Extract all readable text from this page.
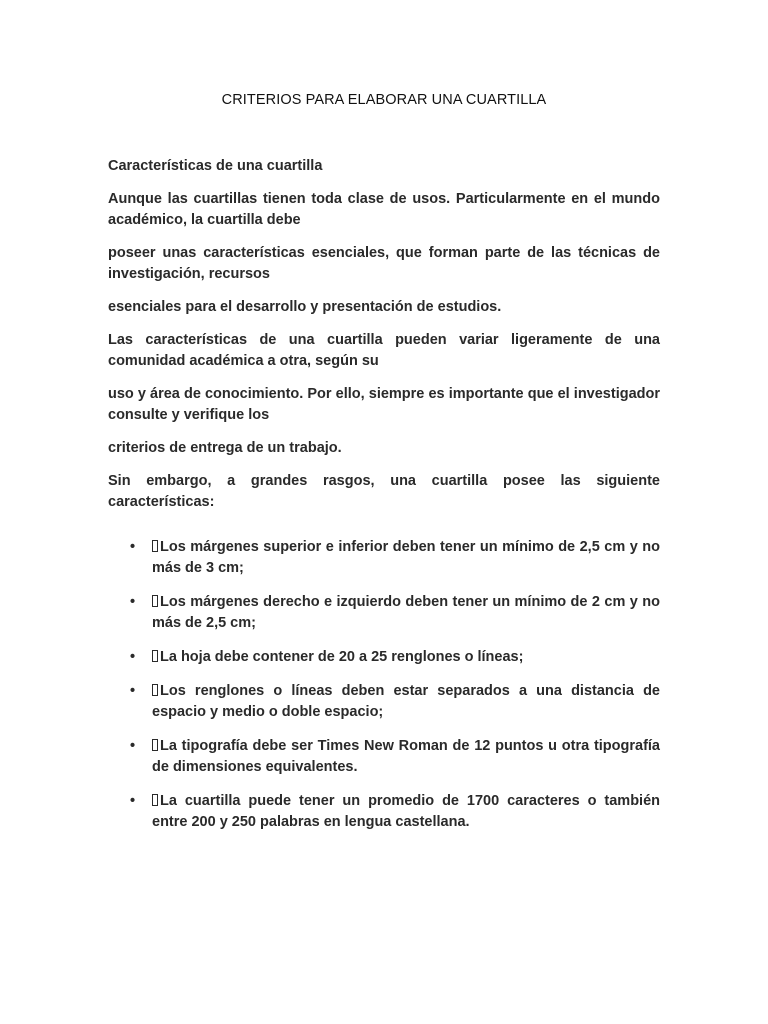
CRITERIOS PARA ELABORAR UNA CUARTILLA

Características de una cuartilla

Aunque las cuartillas tienen toda clase de usos. Particularmente en el mundo académico, la cuartilla debe

poseer unas características esenciales, que forman parte de las técnicas de investigación, recursos

esenciales para el desarrollo y presentación de estudios.

Las características de una cuartilla pueden variar ligeramente de una comunidad académica a otra, según su

uso y área de conocimiento. Por ello, siempre es importante que el investigador consulte y verifique los

criterios de entrega de un trabajo.

Sin embargo, a grandes rasgos, una cuartilla posee las siguiente características:

• Los márgenes superior e inferior deben tener un mínimo de 2,5 cm y no más de 3 cm;
• Los márgenes derecho e izquierdo deben tener un mínimo de 2 cm y no más de 2,5 cm;
• La hoja debe contener de 20 a 25 renglones o líneas;
• Los renglones o líneas deben estar separados a una distancia de espacio y medio o doble espacio;
• La tipografía debe ser Times New Roman de 12 puntos u otra tipografía de dimensiones equivalentes.
• La cuartilla puede tener un promedio de 1700 caracteres o también entre 200 y 250 palabras en lengua castellana.
